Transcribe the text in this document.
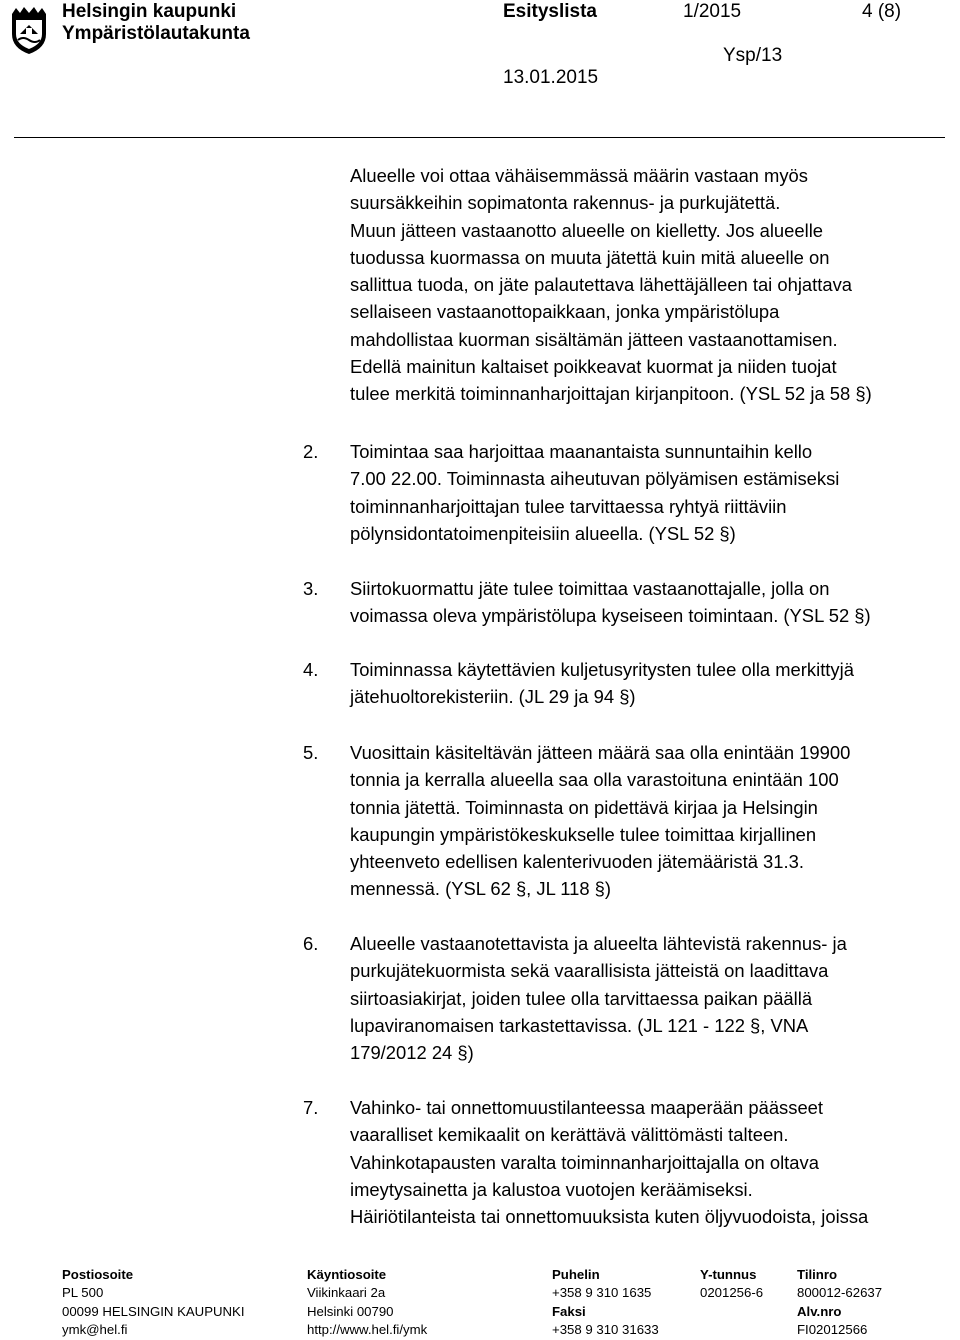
Helsingin kaupunki
Ympäristölautakunta
Esityslista	1/2015	4 (8)
Ysp/13
13.01.2015
Alueelle voi ottaa vähäisemmässä määrin vastaan myös
suursäkkeihin sopimatonta rakennus- ja purkujätettä.
Muun jätteen vastaanotto alueelle on kielletty. Jos alueelle
tuodussa kuormassa on muuta jätettä kuin mitä alueelle on
sallittua tuoda, on jäte palautettava lähettäjälleen tai ohjattava
sellaiseen vastaanottopaikkaan, jonka ympäristölupa
mahdollistaa kuorman sisältämän jätteen vastaanottamisen.
Edellä mainitun kaltaiset poikkeavat kuormat ja niiden tuojat
tulee merkitä toiminnanharjoittajan kirjanpitoon. (YSL 52 ja 58 §)
2. Toimintaa saa harjoittaa maanantaista sunnuntaihin kello
7.00 22.00. Toiminnasta aiheutuvan pölyämisen estämiseksi
toiminnanharjoittajan tulee tarvittaessa ryhtyä riittäviin
pölynsidontatoimenpiteisiin alueella. (YSL 52 §)
3. Siirtokuormattu jäte tulee toimittaa vastaanottajalle, jolla on
voimassa oleva ympäristölupa kyseiseen toimintaan. (YSL 52 §)
4. Toiminnassa käytettävien kuljetusyritysten tulee olla merkittyjä
jätehuoltorekisteriin. (JL 29 ja 94 §)
5. Vuosittain käsiteltävän jätteen määrä saa olla enintään 19900
tonnia ja kerralla alueella saa olla varastoituna enintään 100
tonnia jätettä. Toiminnasta on pidettävä kirjaa ja Helsingin
kaupungin ympäristökeskukselle tulee toimittaa kirjallinen
yhteenveto edellisen kalenterivuoden jätemääristä 31.3.
mennessä. (YSL 62 §, JL 118 §)
6. Alueelle vastaanotettavista ja alueelta lähtevistä rakennus- ja
purkujätekuormista sekä vaarallisista jätteistä on laadittava
siirtoasiakirjat, joiden tulee olla tarvittaessa paikan päällä
lupaviranomaisen tarkastettavissa. (JL 121 - 122 §, VNA
179/2012 24 §)
7. Vahinko- tai onnettomuustilanteessa maaperään päässeet
vaaralliset kemikaalit on kerättävä välittömästi talteen.
Vahinkotapausten varalta toiminnanharjoittajalla on oltava
imeytysainetta ja kalustoa vuotojen keräämiseksi.
Häiriötilanteista tai onnettomuuksista kuten öljyvuodoista, joissa
Postiosoite
PL 500
00099 HELSINGIN KAUPUNKI
ymk@hel.fi
Käyntiosoite
Viikinkaari 2a
Helsinki 00790
http://www.hel.fi/ymk
Puhelin
+358 9 310 1635
Faksi
+358 9 310 31633
Y-tunnus
0201256-6
Tilinro
800012-62637
Alv.nro
FI02012566
